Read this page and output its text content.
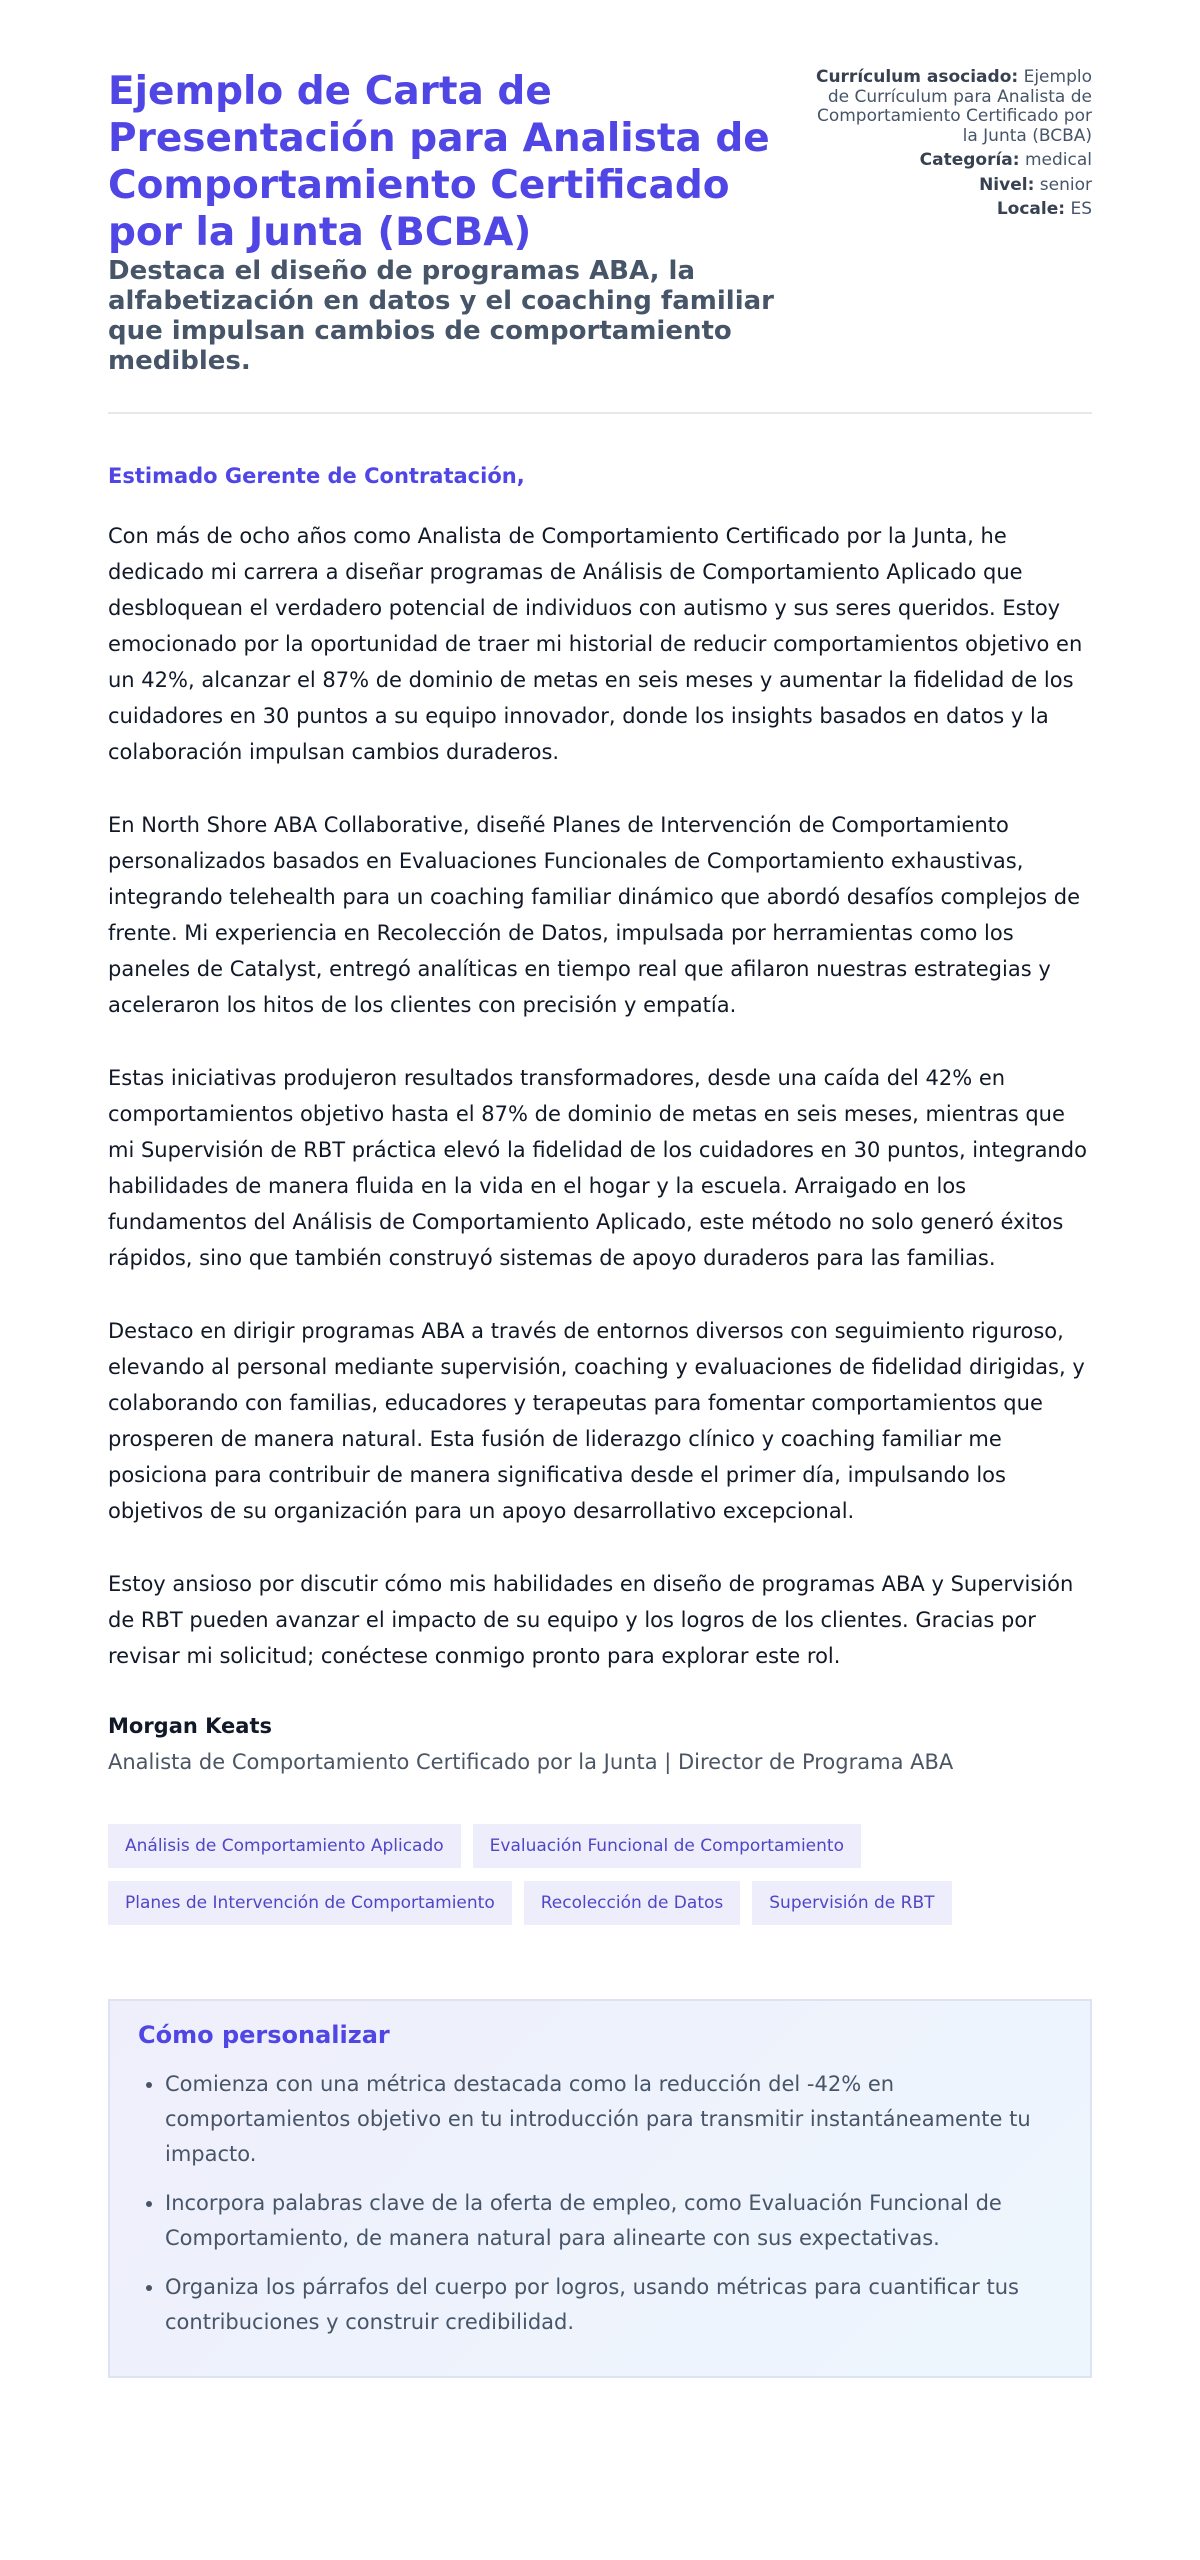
Ejemplo de Carta de Presentación para Analista de Comportamiento Certificado por la Junta (BCBA)

Destaca el diseño de programas ABA, la alfabetización en datos y el coaching familiar que impulsan cambios de comportamiento medibles.

Currículum asociado: Ejemplo de Currículum para Analista de Comportamiento Certificado por la Junta (BCBA)
Categoría: medical
Nivel: senior
Locale: ES
Estimado Gerente de Contratación,

Con más de ocho años como Analista de Comportamiento Certificado por la Junta, he dedicado mi carrera a diseñar programas de Análisis de Comportamiento Aplicado que desbloquean el verdadero potencial de individuos con autismo y sus seres queridos. Estoy emocionado por la oportunidad de traer mi historial de reducir comportamientos objetivo en un 42%, alcanzar el 87% de dominio de metas en seis meses y aumentar la fidelidad de los cuidadores en 30 puntos a su equipo innovador, donde los insights basados en datos y la colaboración impulsan cambios duraderos.

En North Shore ABA Collaborative, diseñé Planes de Intervención de Comportamiento personalizados basados en Evaluaciones Funcionales de Comportamiento exhaustivas, integrando telehealth para un coaching familiar dinámico que abordó desafíos complejos de frente. Mi experiencia en Recolección de Datos, impulsada por herramientas como los paneles de Catalyst, entregó analíticas en tiempo real que afilaron nuestras estrategias y aceleraron los hitos de los clientes con precisión y empatía.

Estas iniciativas produjeron resultados transformadores, desde una caída del 42% en comportamientos objetivo hasta el 87% de dominio de metas en seis meses, mientras que mi Supervisión de RBT práctica elevó la fidelidad de los cuidadores en 30 puntos, integrando habilidades de manera fluida en la vida en el hogar y la escuela. Arraigado en los fundamentos del Análisis de Comportamiento Aplicado, este método no solo generó éxitos rápidos, sino que también construyó sistemas de apoyo duraderos para las familias.

Destaco en dirigir programas ABA a través de entornos diversos con seguimiento riguroso, elevando al personal mediante supervisión, coaching y evaluaciones de fidelidad dirigidas, y colaborando con familias, educadores y terapeutas para fomentar comportamientos que prosperen de manera natural. Esta fusión de liderazgo clínico y coaching familiar me posiciona para contribuir de manera significativa desde el primer día, impulsando los objetivos de su organización para un apoyo desarrollativo excepcional.

Estoy ansioso por discutir cómo mis habilidades en diseño de programas ABA y Supervisión de RBT pueden avanzar el impacto de su equipo y los logros de los clientes. Gracias por revisar mi solicitud; conéctese conmigo pronto para explorar este rol.

Morgan Keats
Analista de Comportamiento Certificado por la Junta | Director de Programa ABA
Análisis de Comportamiento Aplicado	Evaluación Funcional de Comportamiento
Planes de Intervención de Comportamiento	Recolección de Datos	Supervisión de RBT
Cómo personalizar
• Comienza con una métrica destacada como la reducción del -42% en comportamientos objetivo en tu introducción para transmitir instantáneamente tu impacto.
• Incorpora palabras clave de la oferta de empleo, como Evaluación Funcional de Comportamiento, de manera natural para alinearte con sus expectativas.
• Organiza los párrafos del cuerpo por logros, usando métricas para cuantificar tus contribuciones y construir credibilidad.
